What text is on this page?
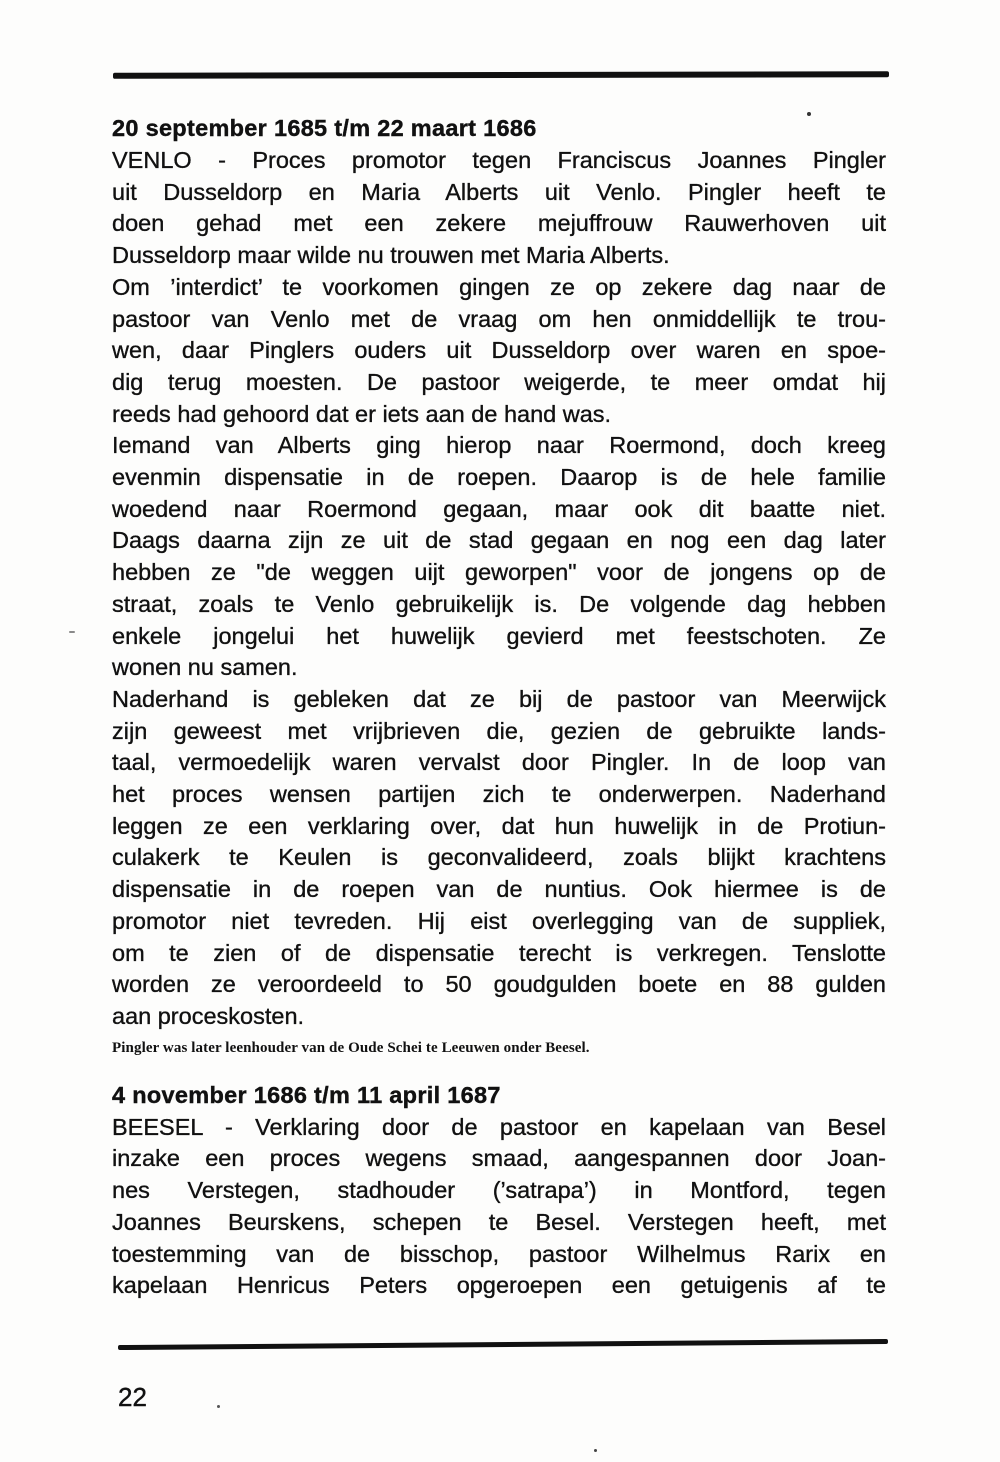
20 september 1685 t/m 22 maart 1686
VENLO - Proces promotor tegen Franciscus Joannes Pingler
uit Dusseldorp en Maria Alberts uit Venlo. Pingler heeft te
doen gehad met een zekere mejuffrouw Rauwerhoven uit
Dusseldorp maar wilde nu trouwen met Maria Alberts.
Om ’interdict’ te voorkomen gingen ze op zekere dag naar de
pastoor van Venlo met de vraag om hen onmiddellijk te trou-
wen, daar Pinglers ouders uit Dusseldorp over waren en spoe-
dig terug moesten. De pastoor weigerde, te meer omdat hij
reeds had gehoord dat er iets aan de hand was.
Iemand van Alberts ging hierop naar Roermond, doch kreeg
evenmin dispensatie in de roepen. Daarop is de hele familie
woedend naar Roermond gegaan, maar ook dit baatte niet.
Daags daarna zijn ze uit de stad gegaan en nog een dag later
hebben ze "de weggen uijt geworpen" voor de jongens op de
straat, zoals te Venlo gebruikelijk is. De volgende dag hebben
enkele jongelui het huwelijk gevierd met feestschoten. Ze
wonen nu samen.
Naderhand is gebleken dat ze bij de pastoor van Meerwijck
zijn geweest met vrijbrieven die, gezien de gebruikte lands-
taal, vermoedelijk waren vervalst door Pingler. In de loop van
het proces wensen partijen zich te onderwerpen. Naderhand
leggen ze een verklaring over, dat hun huwelijk in de Protiun-
culakerk te Keulen is geconvalideerd, zoals blijkt krachtens
dispensatie in de roepen van de nuntius. Ook hiermee is de
promotor niet tevreden. Hij eist overlegging van de suppliek,
om te zien of de dispensatie terecht is verkregen. Tenslotte
worden ze veroordeeld to 50 goudgulden boete en 88 gulden
aan proceskosten.
Pingler was later leenhouder van de Oude Schei te Leeuwen onder Beesel.
4 november 1686 t/m 11 april 1687
BEESEL - Verklaring door de pastoor en kapelaan van Besel
inzake een proces wegens smaad, aangespannen door Joan-
nes Verstegen, stadhouder (’satrapa’) in Montford, tegen
Joannes Beurskens, schepen te Besel. Verstegen heeft, met
toestemming van de bisschop, pastoor Wilhelmus Rarix en
kapelaan Henricus Peters opgeroepen een getuigenis af te
22
